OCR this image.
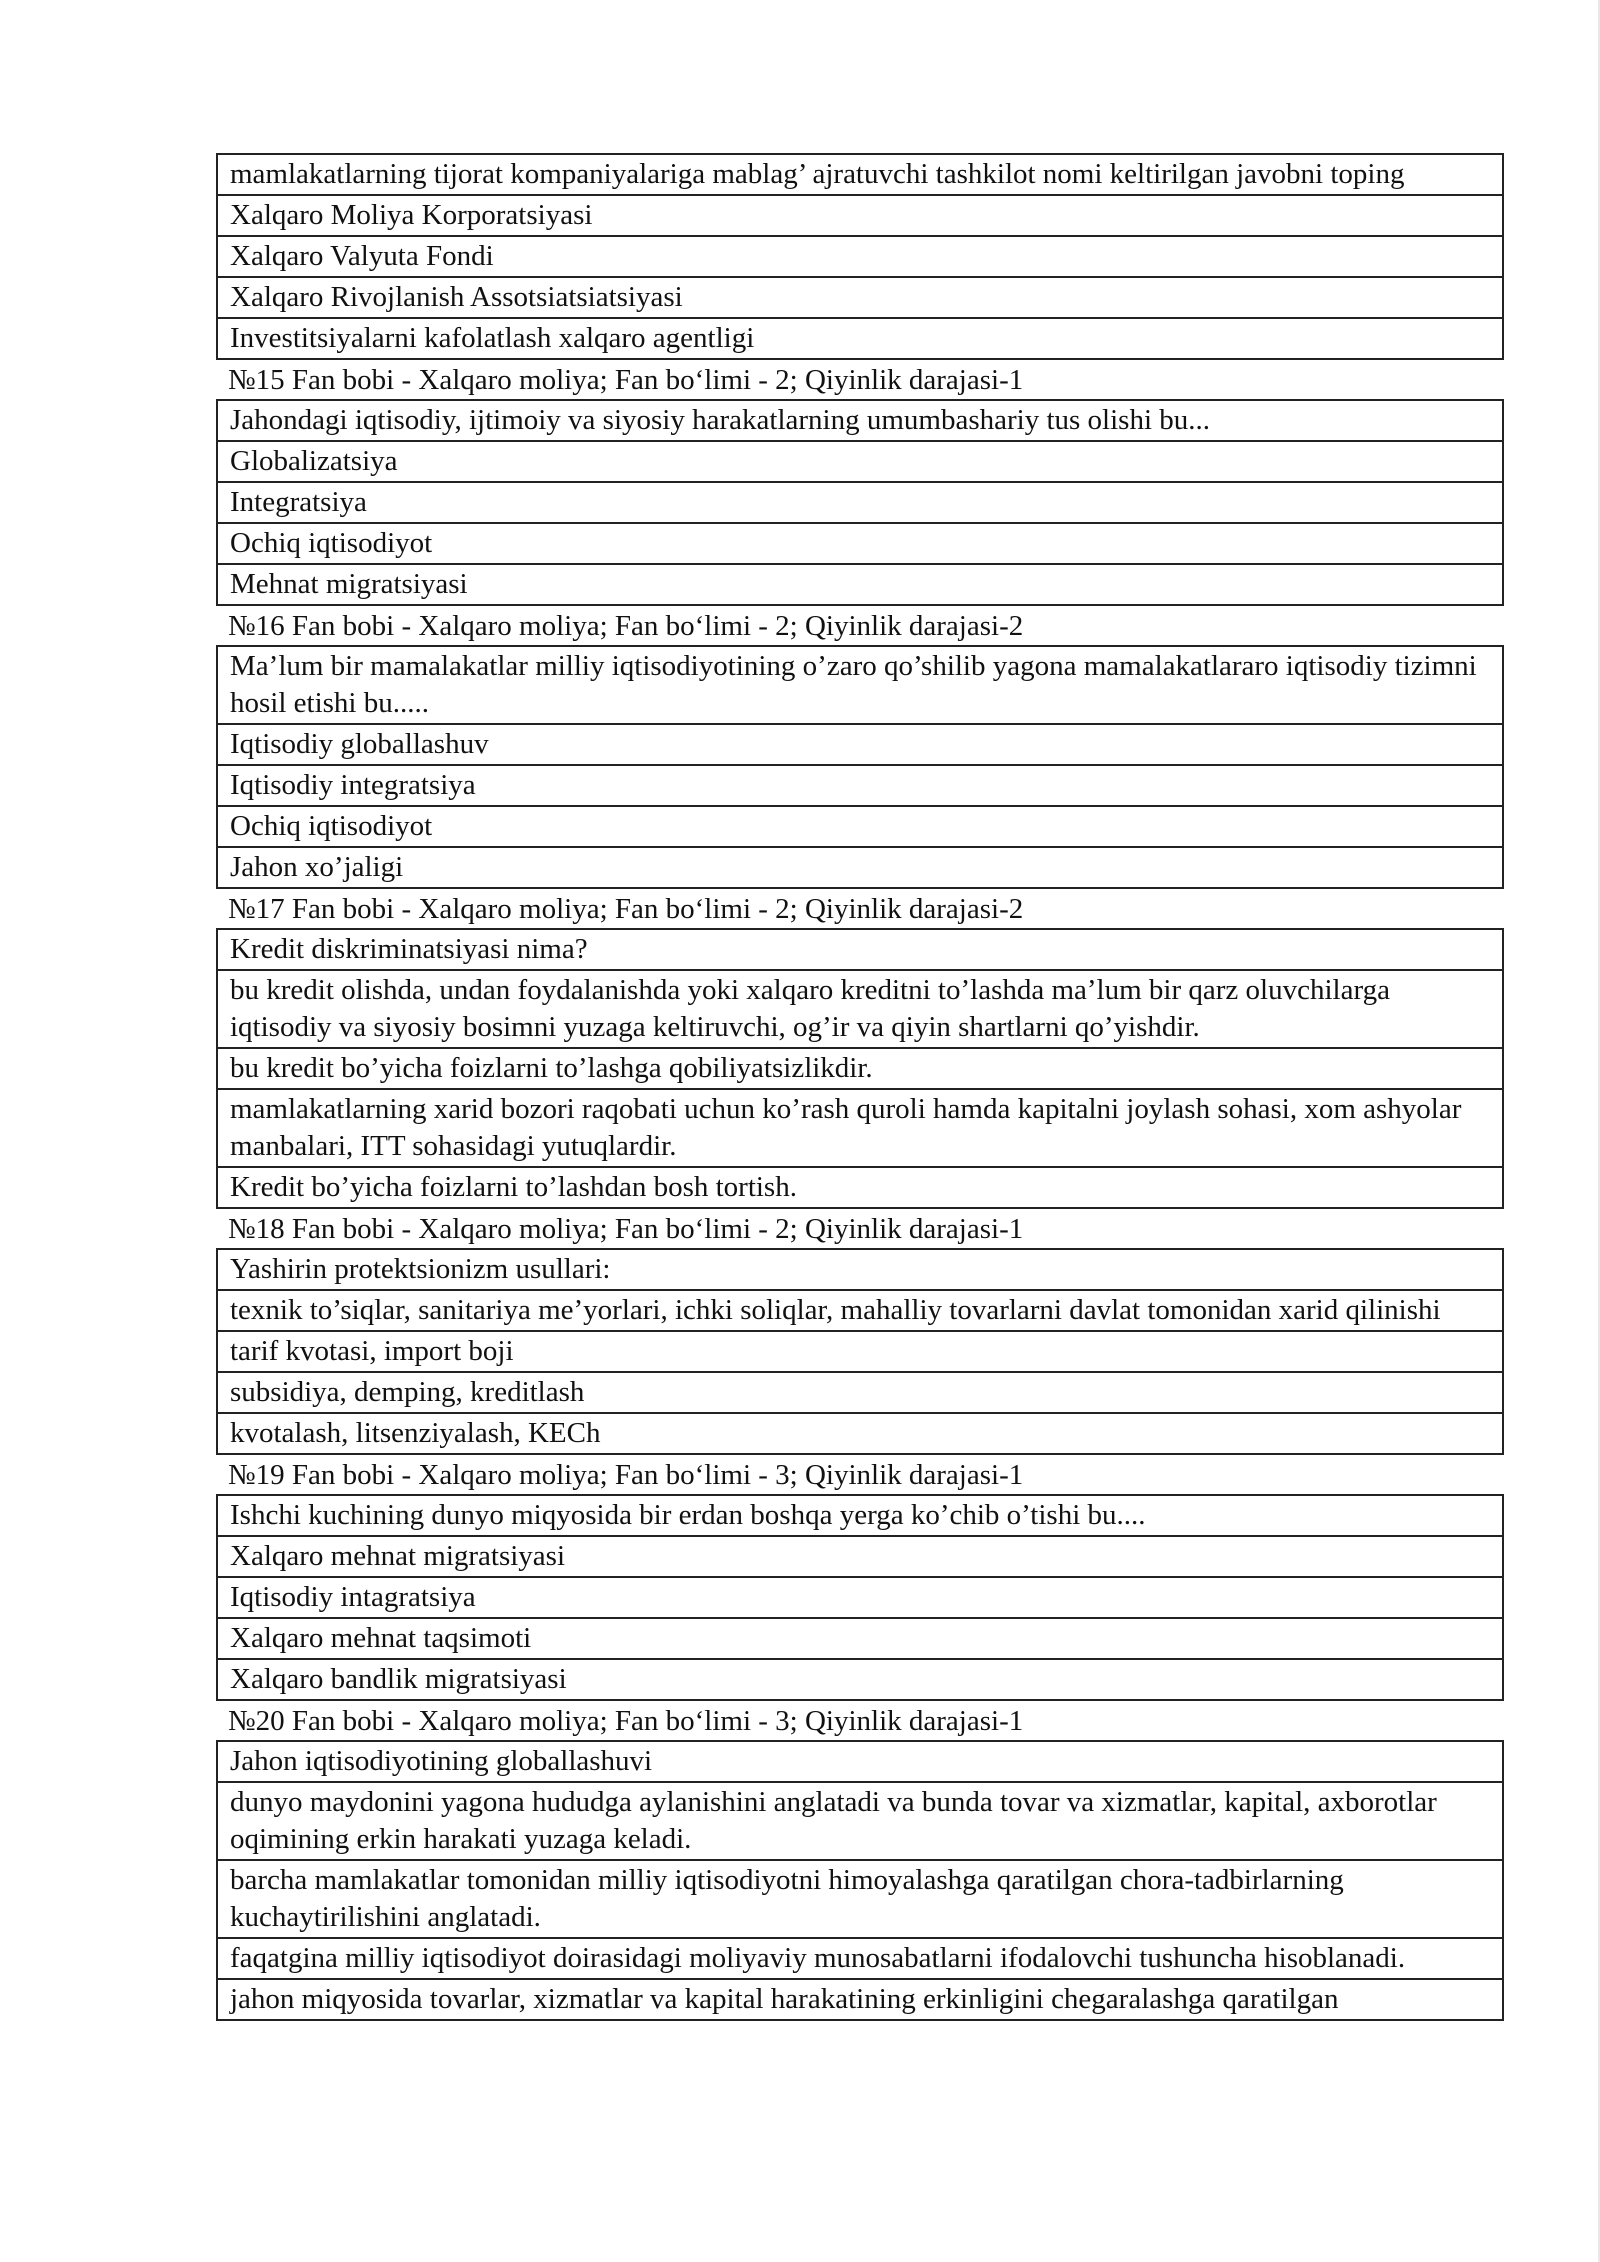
mamlakatlarning tijorat kompaniyalariga mablag’ ajratuvchi tashkilot nomi keltirilgan javobni toping
Xalqaro Moliya Korporatsiyasi
Xalqaro Valyuta Fondi
Xalqaro Rivojlanish Assotsiatsiatsiyasi
Investitsiyalarni kafolatlash xalqaro agentligi
№15 Fan bobi - Xalqaro moliya; Fan boʻlimi - 2; Qiyinlik darajasi-1
Jahondagi iqtisodiy, ijtimoiy va siyosiy harakatlarning umumbashariy tus olishi bu...
Globalizatsiya
Integratsiya
Ochiq iqtisodiyot
Mehnat migratsiyasi
№16 Fan bobi - Xalqaro moliya; Fan boʻlimi - 2; Qiyinlik darajasi-2
Ma’lum bir mamalakatlar milliy iqtisodiyotining o’zaro qo’shilib yagona mamalakatlararo iqtisodiy tizimni hosil etishi bu.....
Iqtisodiy globallashuv
Iqtisodiy integratsiya
Ochiq iqtisodiyot
Jahon xo’jaligi
№17 Fan bobi - Xalqaro moliya; Fan boʻlimi - 2; Qiyinlik darajasi-2
Kredit diskriminatsiyasi nima?
bu kredit olishda, undan foydalanishda yoki xalqaro kreditni to’lashda ma’lum bir qarz oluvchilarga iqtisodiy va siyosiy bosimni yuzaga keltiruvchi, og’ir va qiyin shartlarni qo’yishdir.
bu kredit bo’yicha foizlarni to’lashga qobiliyatsizlikdir.
mamlakatlarning xarid bozori raqobati uchun ko’rash quroli hamda kapitalni joylash sohasi, xom ashyolar manbalari, ITT sohasidagi yutuqlardir.
Kredit bo’yicha foizlarni to’lashdan bosh tortish.
№18 Fan bobi - Xalqaro moliya; Fan boʻlimi - 2; Qiyinlik darajasi-1
Yashirin protektsionizm usullari:
texnik to’siqlar, sanitariya me’yorlari, ichki soliqlar, mahalliy tovarlarni davlat tomonidan xarid qilinishi
tarif kvotasi, import boji
subsidiya, demping, kreditlash
kvotalash, litsenziyalash, KECh
№19 Fan bobi - Xalqaro moliya; Fan boʻlimi - 3; Qiyinlik darajasi-1
Ishchi kuchining dunyo miqyosida bir erdan boshqa yerga ko’chib o’tishi bu....
Xalqaro mehnat migratsiyasi
Iqtisodiy intagratsiya
Xalqaro mehnat taqsimoti
Xalqaro bandlik migratsiyasi
№20 Fan bobi - Xalqaro moliya; Fan boʻlimi - 3; Qiyinlik darajasi-1
Jahon iqtisodiyotining globallashuvi
dunyo maydonini yagona hududga aylanishini anglatadi va bunda tovar va xizmatlar, kapital, axborotlar oqimining erkin harakati yuzaga keladi.
barcha mamlakatlar tomonidan milliy iqtisodiyotni himoyalashga qaratilgan chora-tadbirlarning kuchaytirilishini anglatadi.
faqatgina milliy iqtisodiyot doirasidagi moliyaviy munosabatlarni ifodalovchi tushuncha hisoblanadi.
jahon miqyosida tovarlar, xizmatlar va kapital harakatining erkinligini chegaralashga qaratilgan
